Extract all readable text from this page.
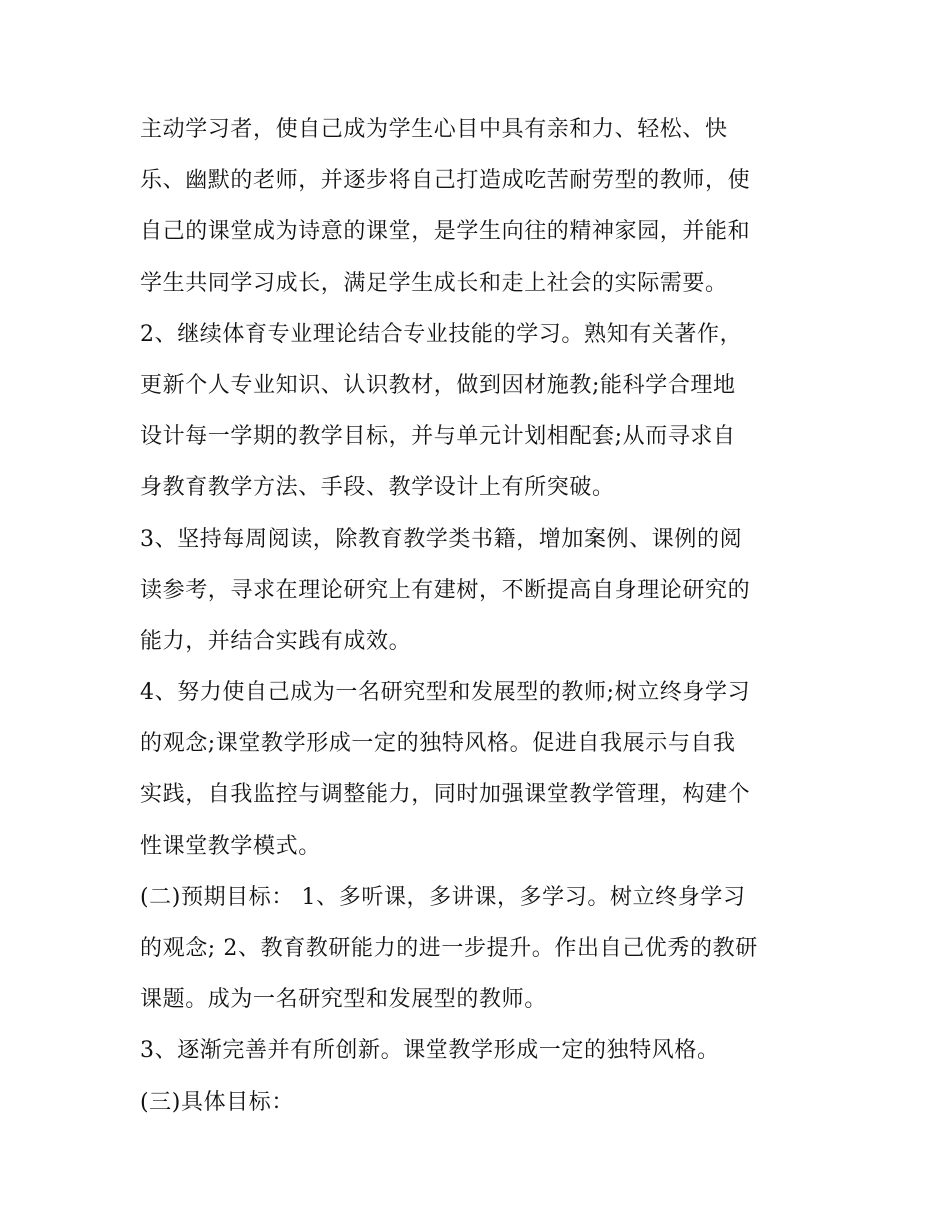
主动学习者，使自己成为学生心目中具有亲和力、轻松、快
乐、幽默的老师，并逐步将自己打造成吃苦耐劳型的教师，使
自己的课堂成为诗意的课堂，是学生向往的精神家园，并能和
学生共同学习成长，满足学生成长和走上社会的实际需要。
2、继续体育专业理论结合专业技能的学习。熟知有关著作，
更新个人专业知识、认识教材，做到因材施教;能科学合理地
设计每一学期的教学目标，并与单元计划相配套;从而寻求自
身教育教学方法、手段、教学设计上有所突破。
3、坚持每周阅读，除教育教学类书籍，增加案例、课例的阅
读参考，寻求在理论研究上有建树，不断提高自身理论研究的
能力，并结合实践有成效。
4、努力使自己成为一名研究型和发展型的教师;树立终身学习
的观念;课堂教学形成一定的独特风格。促进自我展示与自我
实践，自我监控与调整能力，同时加强课堂教学管理，构建个
性课堂教学模式。
(二)预期目标： 1、多听课，多讲课，多学习。树立终身学习
的观念; 2、教育教研能力的进一步提升。作出自己优秀的教研
课题。成为一名研究型和发展型的教师。
3、逐渐完善并有所创新。课堂教学形成一定的独特风格。
(三)具体目标：
